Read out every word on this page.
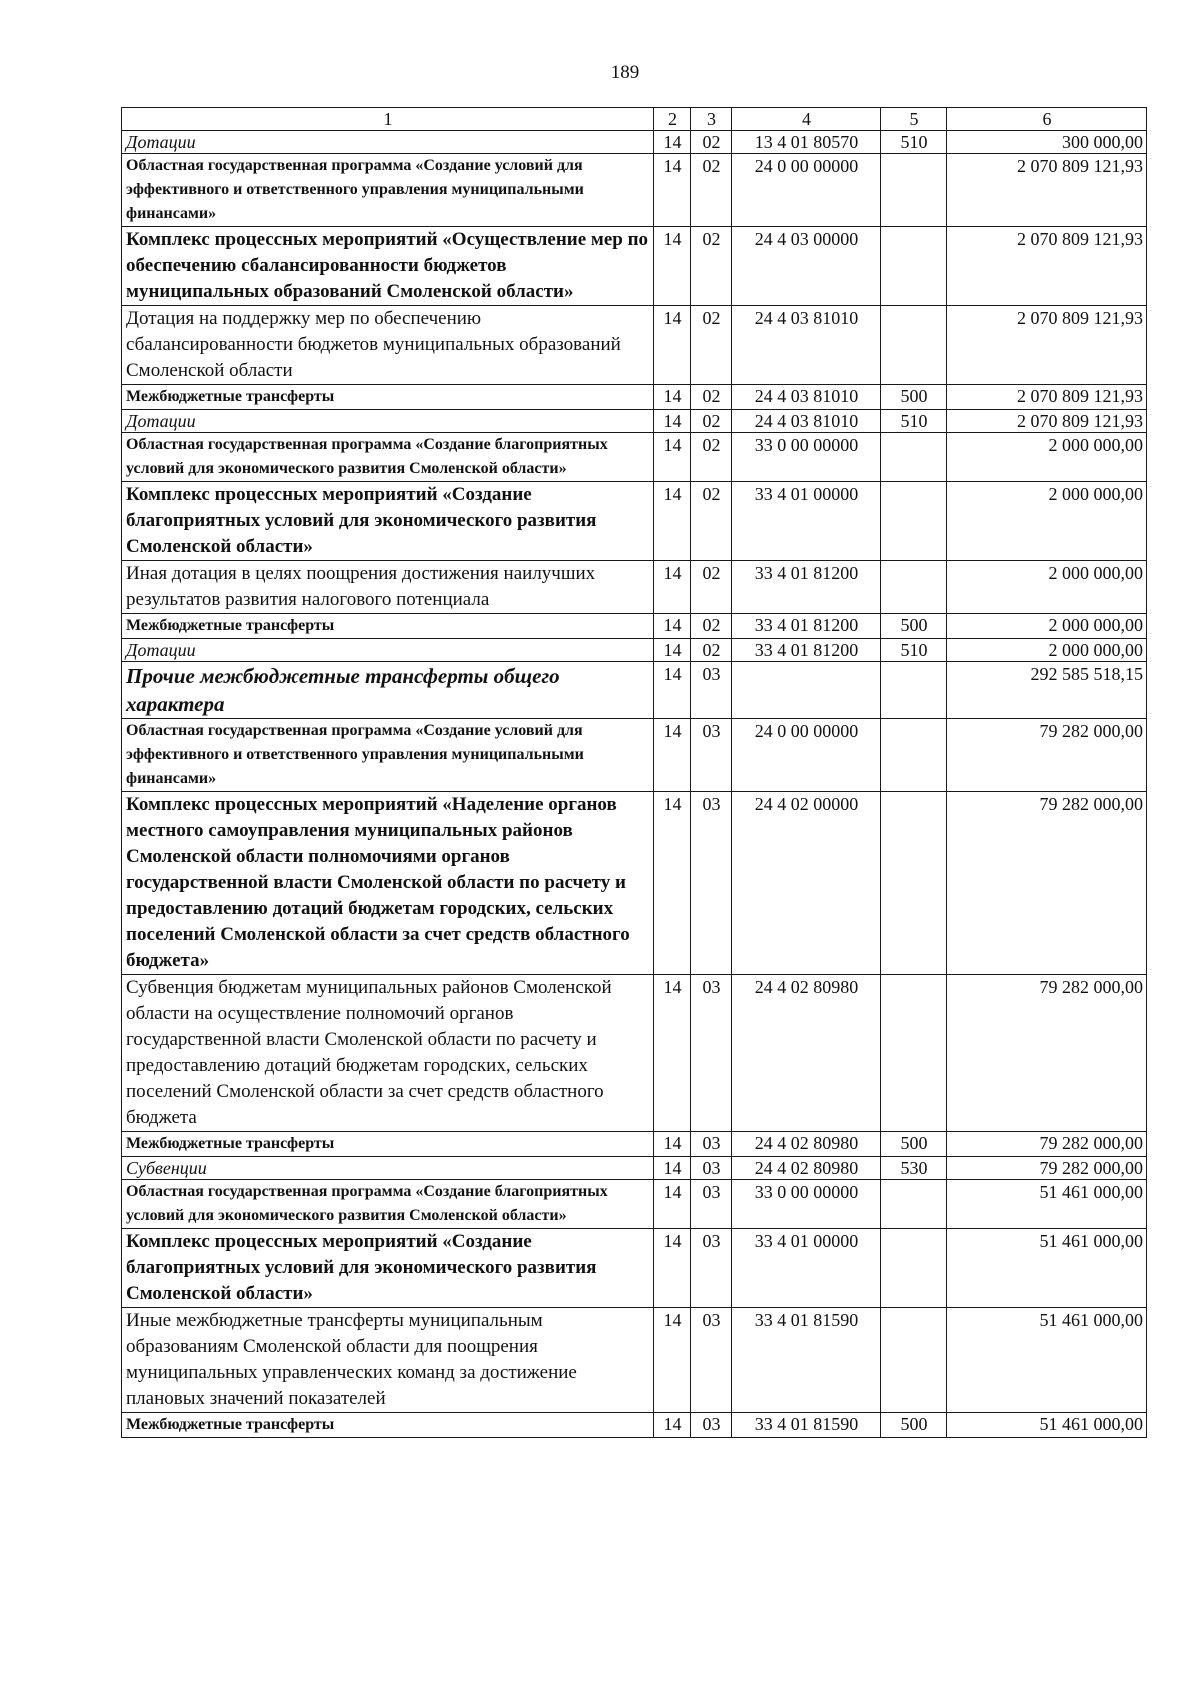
189
1	2	3	4	5	6
Дотации	14	02	13 4 01 80570	510	300 000,00
Областная государственная программа «Создание условий для эффективного и ответственного управления муниципальными финансами»	14	02	24 0 00 00000		2 070 809 121,93
Комплекс процессных мероприятий «Осуществление мер по обеспечению сбалансированности бюджетов муниципальных образований Смоленской области»	14	02	24 4 03 00000		2 070 809 121,93
Дотация на поддержку мер по обеспечению сбалансированности бюджетов муниципальных образований Смоленской области	14	02	24 4 03 81010		2 070 809 121,93
Межбюджетные трансферты	14	02	24 4 03 81010	500	2 070 809 121,93
Дотации	14	02	24 4 03 81010	510	2 070 809 121,93
Областная государственная программа «Создание благоприятных условий для экономического развития Смоленской области»	14	02	33 0 00 00000		2 000 000,00
Комплекс процессных мероприятий «Создание благоприятных условий для экономического развития Смоленской области»	14	02	33 4 01 00000		2 000 000,00
Иная дотация в целях поощрения достижения наилучших результатов развития налогового потенциала	14	02	33 4 01 81200		2 000 000,00
Межбюджетные трансферты	14	02	33 4 01 81200	500	2 000 000,00
Дотации	14	02	33 4 01 81200	510	2 000 000,00
Прочие межбюджетные трансферты общего характера	14	03			292 585 518,15
Областная государственная программа «Создание условий для эффективного и ответственного управления муниципальными финансами»	14	03	24 0 00 00000		79 282 000,00
Комплекс процессных мероприятий «Наделение органов местного самоуправления муниципальных районов Смоленской области полномочиями органов государственной власти Смоленской области по расчету и предоставлению дотаций бюджетам городских, сельских поселений Смоленской области за счет средств областного бюджета»	14	03	24 4 02 00000		79 282 000,00
Субвенция бюджетам муниципальных районов Смоленской области на осуществление полномочий органов государственной власти Смоленской области по расчету и предоставлению дотаций бюджетам городских, сельских поселений Смоленской области за счет средств областного бюджета	14	03	24 4 02 80980		79 282 000,00
Межбюджетные трансферты	14	03	24 4 02 80980	500	79 282 000,00
Субвенции	14	03	24 4 02 80980	530	79 282 000,00
Областная государственная программа «Создание благоприятных условий для экономического развития Смоленской области»	14	03	33 0 00 00000		51 461 000,00
Комплекс процессных мероприятий «Создание благоприятных условий для экономического развития Смоленской области»	14	03	33 4 01 00000		51 461 000,00
Иные межбюджетные трансферты муниципальным образованиям Смоленской области для поощрения муниципальных управленческих команд за достижение плановых значений показателей	14	03	33 4 01 81590		51 461 000,00
Межбюджетные трансферты	14	03	33 4 01 81590	500	51 461 000,00
